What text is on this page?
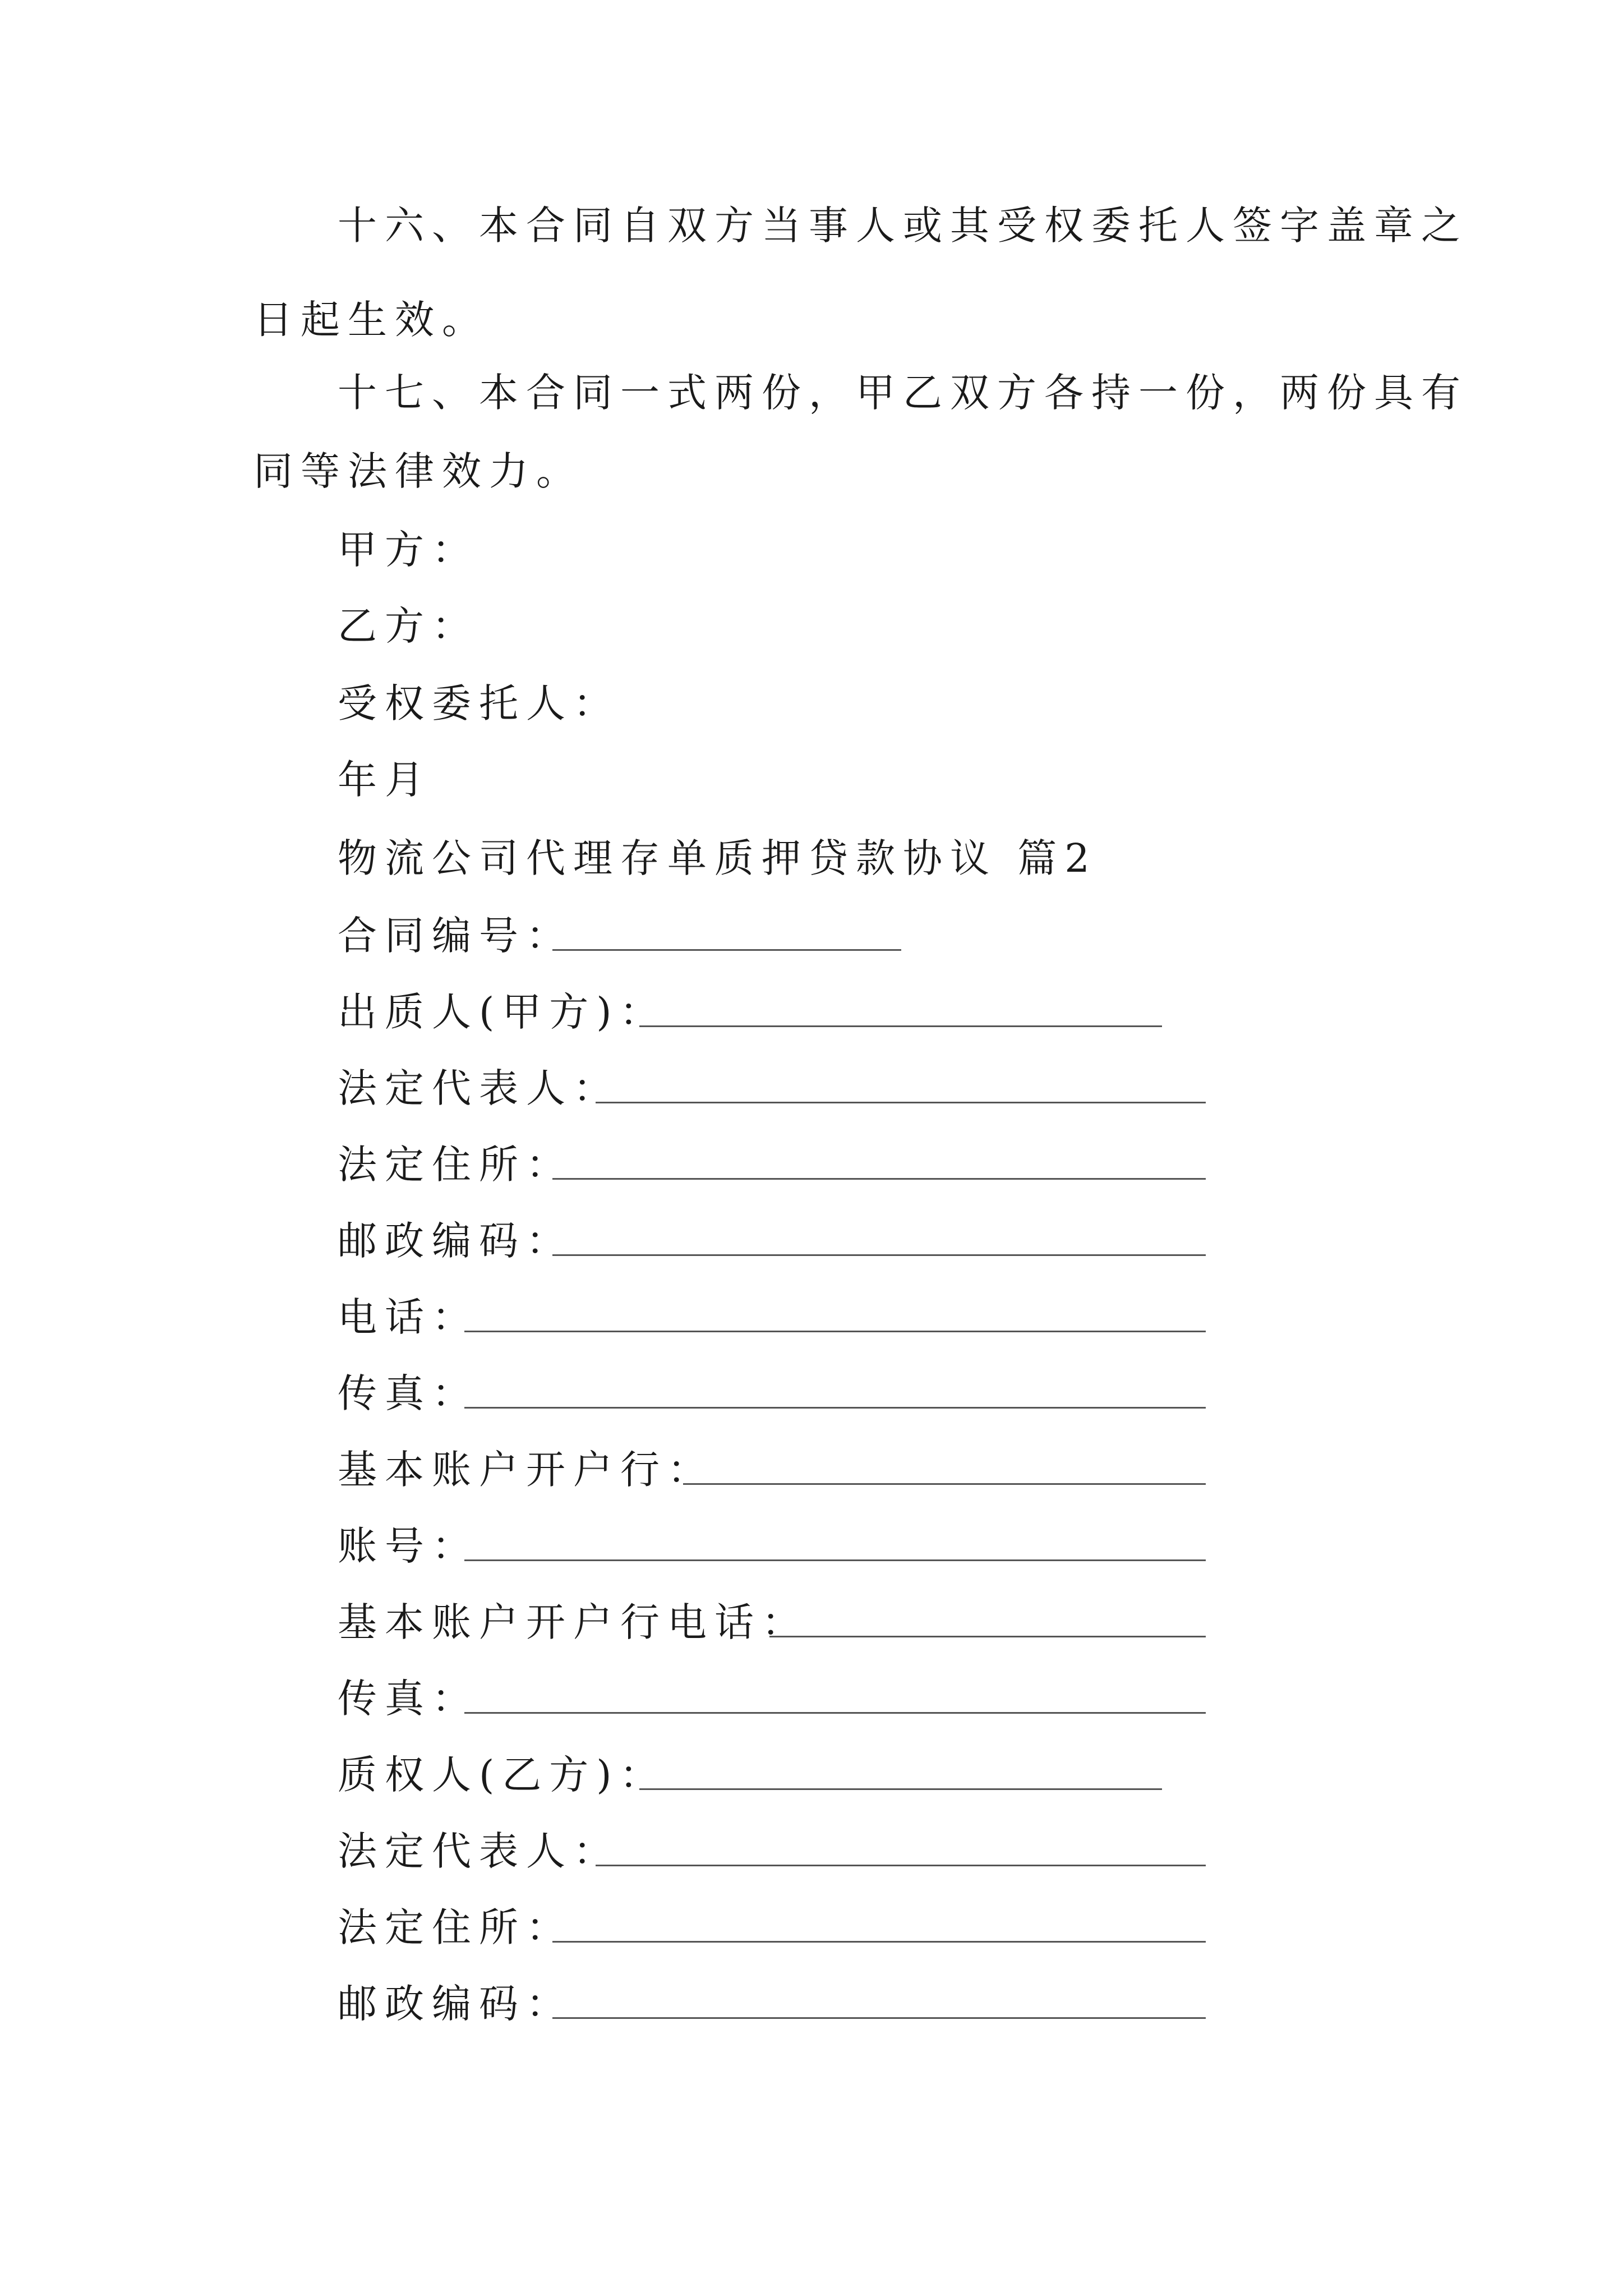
十六、本合同自双方当事人或其受权委托人签字盖章之
日起生效。
十七、本合同一式两份，甲乙双方各持一份，两份具有
同等法律效力。
甲方：
乙方：
受权委托人：
年月
物流公司代理存单质押贷款协议 篇2
合同编号：
出质人(甲方)：
法定代表人：
法定住所：
邮政编码：
电话：
传真：
基本账户开户行：
账号：
基本账户开户行电话：
传真：
质权人(乙方)：
法定代表人：
法定住所：
邮政编码：
